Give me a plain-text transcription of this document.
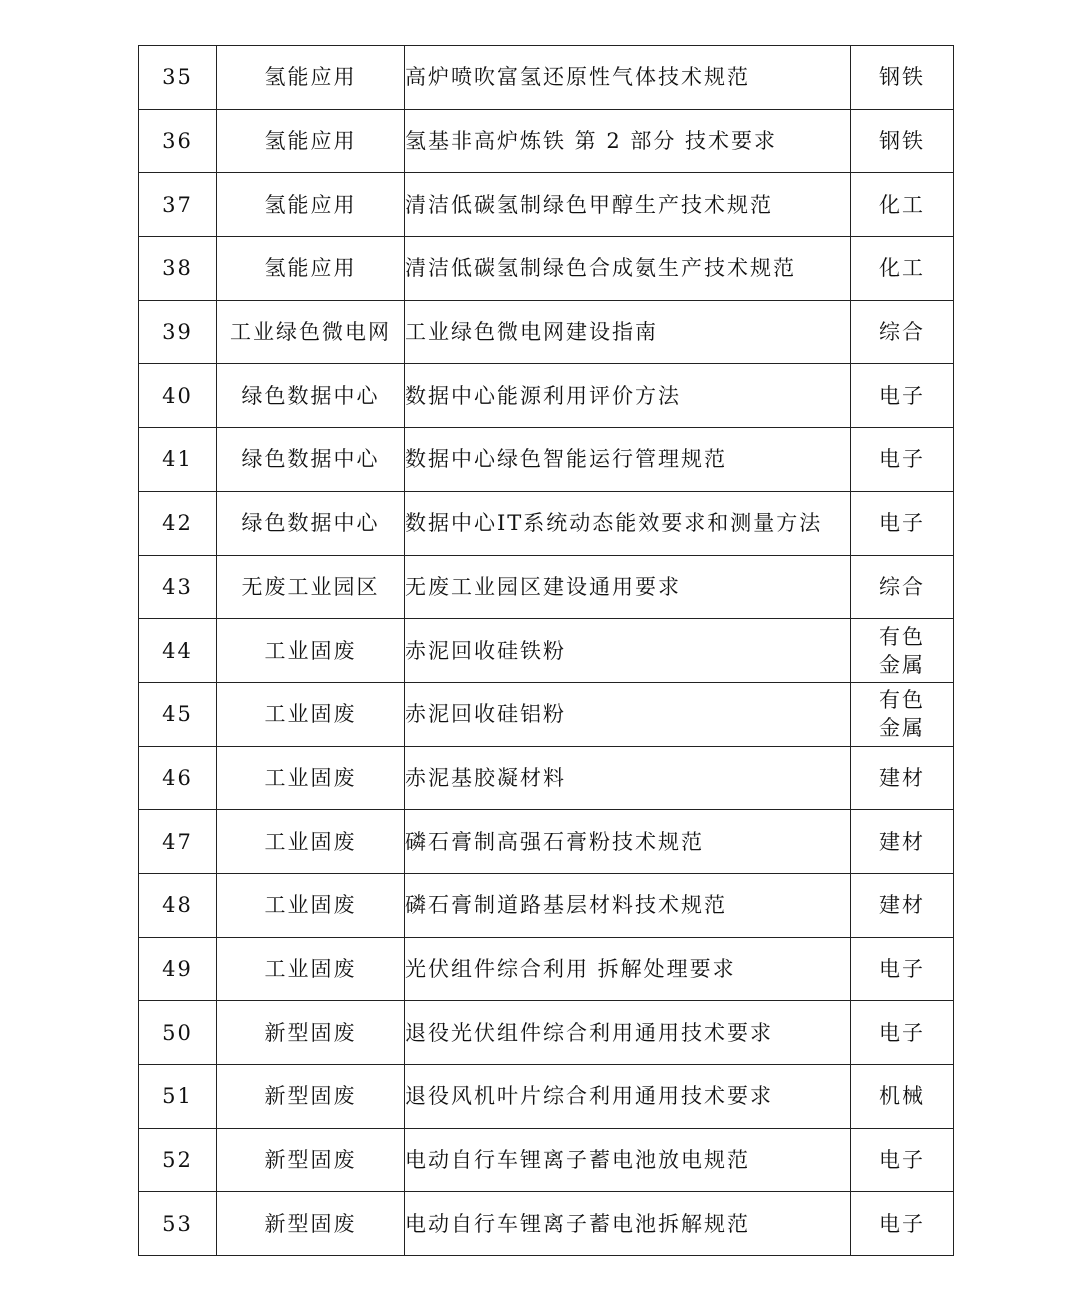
35	氢能应用	高炉喷吹富氢还原性气体技术规范	钢铁
36	氢能应用	氢基非高炉炼铁 第 2 部分 技术要求	钢铁
37	氢能应用	清洁低碳氢制绿色甲醇生产技术规范	化工
38	氢能应用	清洁低碳氢制绿色合成氨生产技术规范	化工
39	工业绿色微电网	工业绿色微电网建设指南	综合
40	绿色数据中心	数据中心能源利用评价方法	电子
41	绿色数据中心	数据中心绿色智能运行管理规范	电子
42	绿色数据中心	数据中心IT系统动态能效要求和测量方法	电子
43	无废工业园区	无废工业园区建设通用要求	综合
44	工业固废	赤泥回收硅铁粉	有色金属
45	工业固废	赤泥回收硅铝粉	有色金属
46	工业固废	赤泥基胶凝材料	建材
47	工业固废	磷石膏制高强石膏粉技术规范	建材
48	工业固废	磷石膏制道路基层材料技术规范	建材
49	工业固废	光伏组件综合利用 拆解处理要求	电子
50	新型固废	退役光伏组件综合利用通用技术要求	电子
51	新型固废	退役风机叶片综合利用通用技术要求	机械
52	新型固废	电动自行车锂离子蓄电池放电规范	电子
53	新型固废	电动自行车锂离子蓄电池拆解规范	电子
